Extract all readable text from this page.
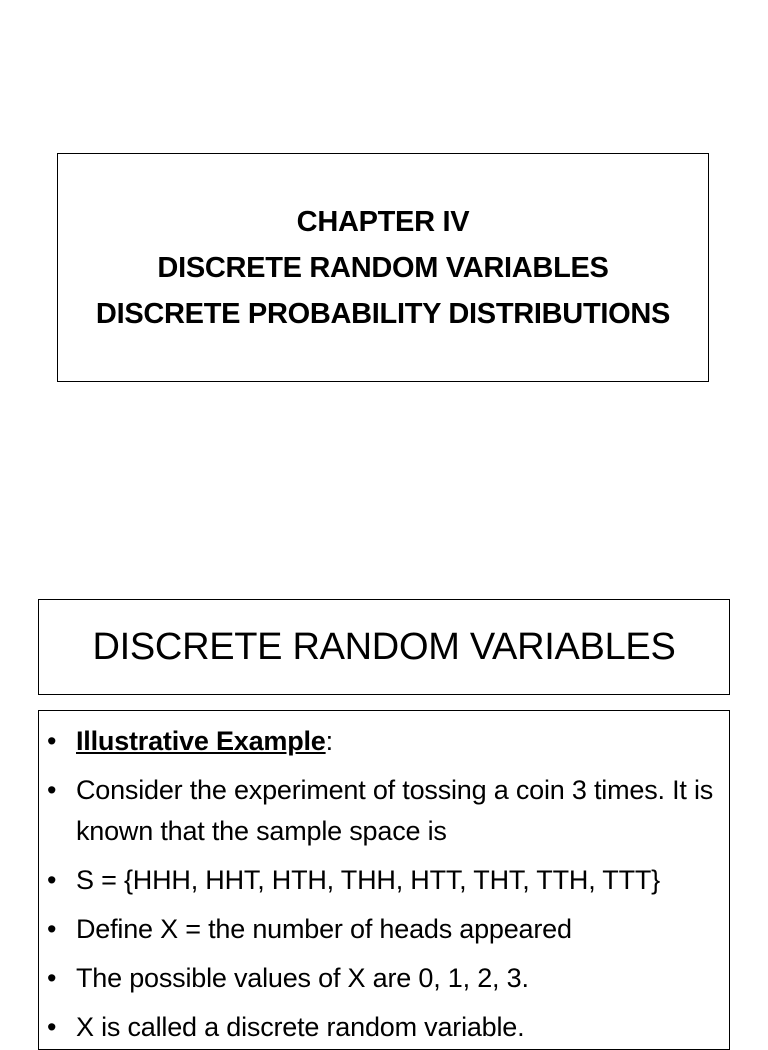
CHAPTER IV
DISCRETE RANDOM VARIABLES
DISCRETE PROBABILITY DISTRIBUTIONS
DISCRETE RANDOM VARIABLES
• Illustrative Example:
• Consider the experiment of tossing a coin 3 times. It is known that the sample space is
• S = {HHH, HHT, HTH, THH, HTT, THT, TTH, TTT}
• Define X = the number of heads appeared
• The possible values of X are 0, 1, 2, 3.
• X is called a discrete random variable.
